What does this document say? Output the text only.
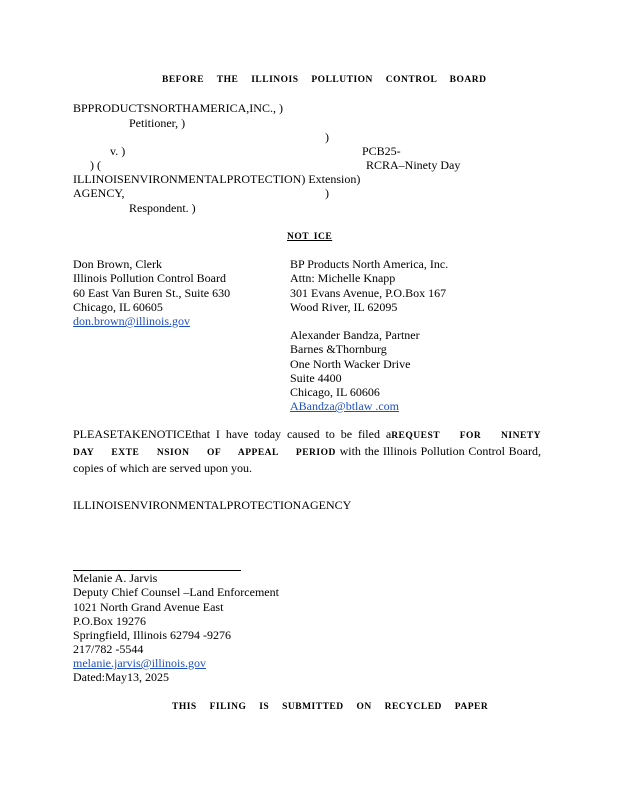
BEFORE THE ILLINOIS POLLUTION CONTROL BOARD
BPPRODUCTSNORTHAMERICA,INC., )
Petitioner, )
)
v. )	PCB25-
) (	RCRA–Ninety Day
ILLINOISENVIRONMENTALPROTECTION) Extension)
AGENCY,	)
Respondent. )
NOT ICE
Don Brown, Clerk
Illinois Pollution Control Board
60 East Van Buren St., Suite 630
Chicago, IL 60605
don.brown@illinois.gov
BP Products North America, Inc.
Attn: Michelle Knapp
301 Evans Avenue, P.O.Box 167
Wood River, IL 62095
Alexander Bandza, Partner
Barnes &Thornburg
One North Wacker Drive
Suite 4400
Chicago, IL 60606
ABandza@btlaw .com
PLEASETAKENOTICEthat I have today caused to be filed aREQUEST FOR NINETY DAY EXTE NSION OF APPEAL PERIOD with the Illinois Pollution Control Board, copies of which are served upon you.
ILLINOISENVIRONMENTALPROTECTIONAGENCY
Melanie A. Jarvis
Deputy Chief Counsel –Land Enforcement
1021 North Grand Avenue East
P.O.Box 19276
Springfield, Illinois 62794 -9276
217/782 -5544
melanie.jarvis@illinois.gov
Dated:May13, 2025
THIS FILING IS SUBMITTED ON RECYCLED PAPER
